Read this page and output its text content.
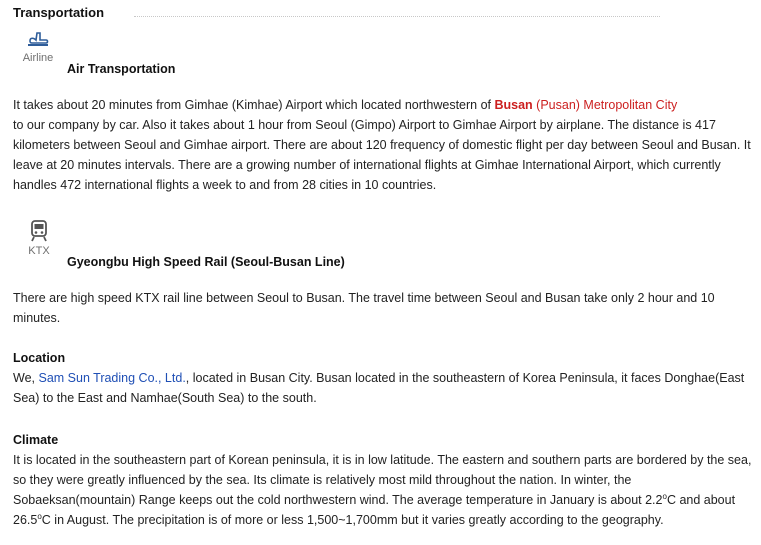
Transportation
Airline
Air Transportation

It takes about 20 minutes from Gimhae (Kimhae) Airport which located northwestern of Busan (Pusan) Metropolitan City

to our company by car. Also it takes about 1 hour from Seoul (Gimpo) Airport to Gimhae Airport by airplane. The distance is 417 kilometers between Seoul and Gimhae airport. There are about 120 frequency of domestic flight per day between Seoul and Busan. It leave at 20 minutes intervals. There are a growing number of international flights at Gimhae International Airport, which currently handles 472 international flights a week to and from 28 cities in 10 countries.

KTX
Gyeongbu High Speed Rail (Seoul-Busan Line)

There are high speed KTX rail line between Seoul to Busan. The travel time between Seoul and Busan take only 2 hour and 10 minutes.

Location

We, Sam Sun Trading Co., Ltd., located in Busan City. Busan located in the southeastern of Korea Peninsula, it faces Donghae(East Sea) to the East and Namhae(South Sea) to the south.

Climate

It is located in the southeastern part of Korean peninsula, it is in low latitude. The eastern and southern parts are bordered by the sea, so they were greatly influenced by the sea. Its climate is relatively most mild throughout the nation. In winter, the Sobaeksan(mountain) Range keeps out the cold northwestern wind. The average temperature in January is about 2.2$^o$C and about 26.5$^o$C in August. The precipitation is of more or less 1,500~1,700mm but it varies greatly according to the geography.
